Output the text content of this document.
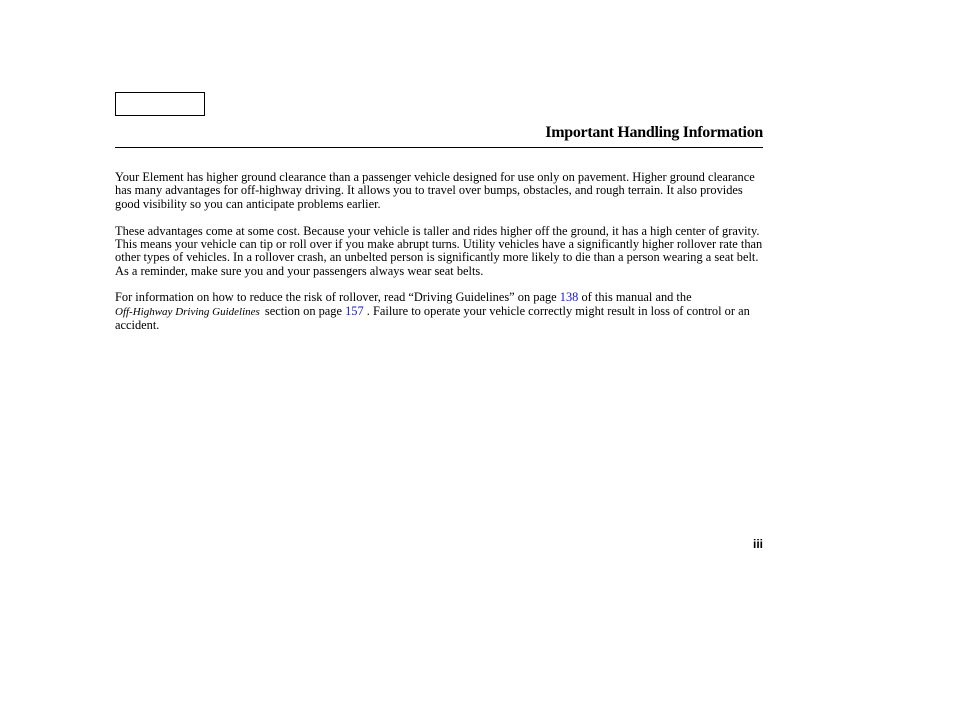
Important Handling Information

Your Element has higher ground clearance than a passenger vehicle designed for use only on pavement. Higher ground clearance has many advantages for off-highway driving. It allows you to travel over bumps, obstacles, and rough terrain. It also provides good visibility so you can anticipate problems earlier.

These advantages come at some cost. Because your vehicle is taller and rides higher off the ground, it has a high center of gravity. This means your vehicle can tip or roll over if you make abrupt turns. Utility vehicles have a significantly higher rollover rate than other types of vehicles. In a rollover crash, an unbelted person is significantly more likely to die than a person wearing a seat belt. As a reminder, make sure you and your passengers always wear seat belts.

For information on how to reduce the risk of rollover, read “Driving Guidelines” on page 138 of this manual and the
Off-Highway Driving Guidelines section on page 157 . Failure to operate your vehicle correctly might result in loss of control or an accident.

iii
